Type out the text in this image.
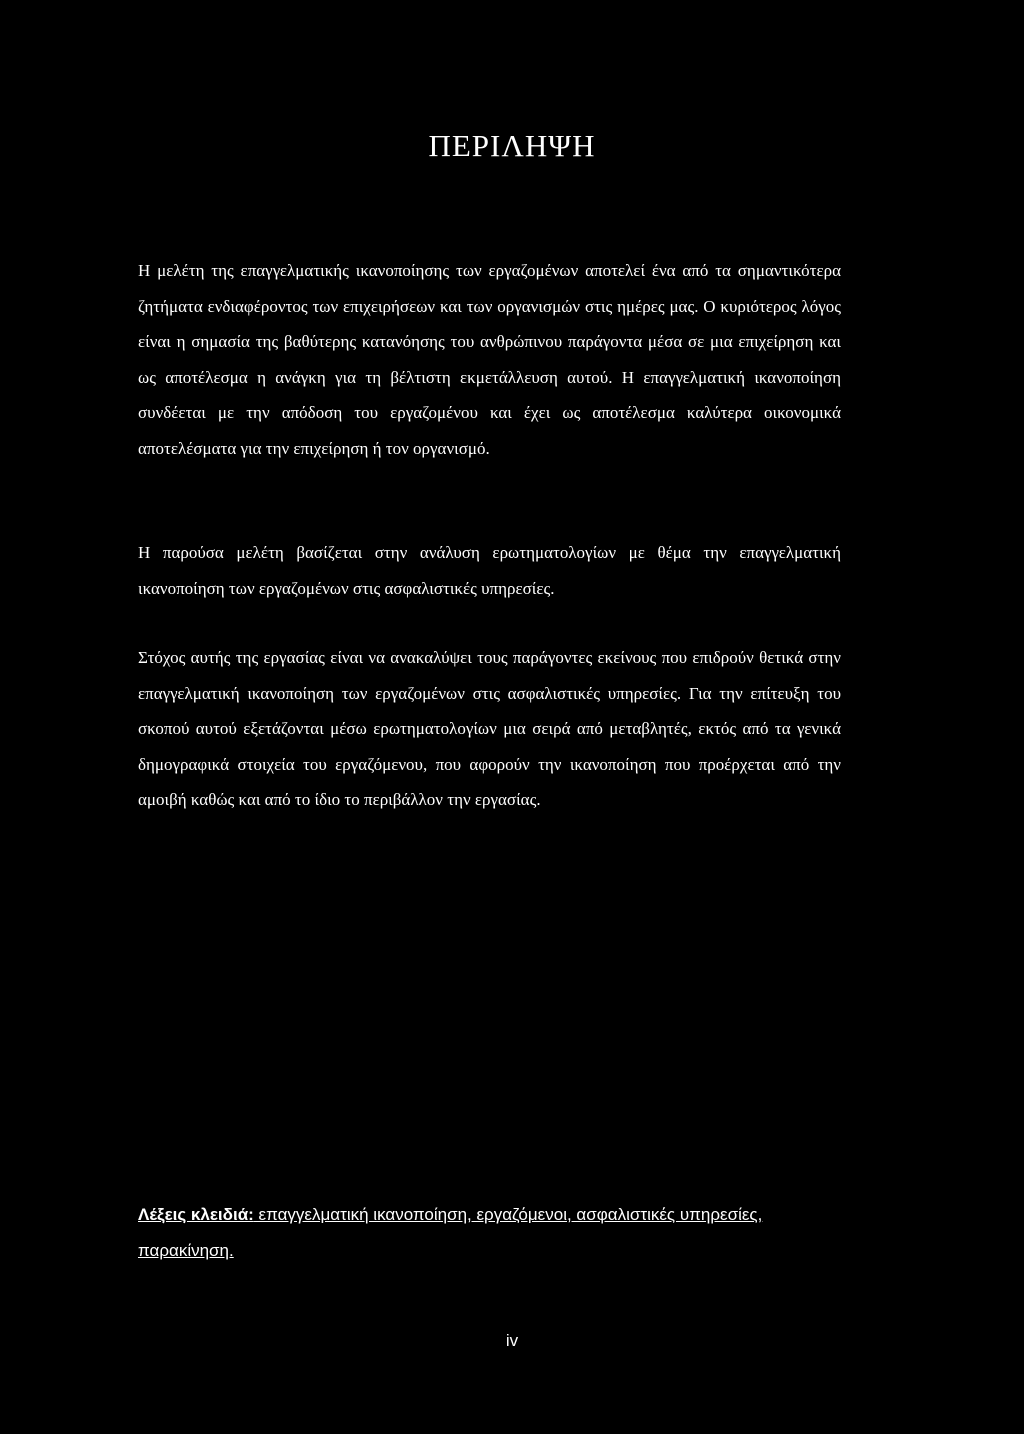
ΠΕΡΙΛΗΨΗ

Η μελέτη της επαγγελματικής ικανοποίησης των εργαζομένων αποτελεί ένα από τα σημαντικότερα ζητήματα ενδιαφέροντος των επιχειρήσεων και των οργανισμών στις ημέρες μας. Ο κυριότερος λόγος είναι η σημασία της βαθύτερης κατανόησης του ανθρώπινου παράγοντα μέσα σε μια επιχείρηση και ως αποτέλεσμα η ανάγκη για τη βέλτιστη εκμετάλλευση αυτού. Η επαγγελματική ικανοποίηση συνδέεται με την απόδοση του εργαζομένου και έχει ως αποτέλεσμα καλύτερα οικονομικά αποτελέσματα για την επιχείρηση ή τον οργανισμό.

Η παρούσα μελέτη βασίζεται στην ανάλυση ερωτηματολογίων με θέμα την επαγγελματική ικανοποίηση των εργαζομένων στις ασφαλιστικές υπηρεσίες.

Στόχος αυτής της εργασίας είναι να ανακαλύψει τους παράγοντες εκείνους που επιδρούν θετικά στην επαγγελματική ικανοποίηση των εργαζομένων στις ασφαλιστικές υπηρεσίες. Για την επίτευξη του σκοπού αυτού εξετάζονται μέσω ερωτηματολογίων μια σειρά από μεταβλητές, εκτός από τα γενικά δημογραφικά στοιχεία του εργαζόμενου, που αφορούν την ικανοποίηση που προέρχεται από την αμοιβή καθώς και από το ίδιο το περιβάλλον την εργασίας.

Λέξεις κλειδιά: επαγγελματική ικανοποίηση, εργαζόμενοι, ασφαλιστικές υπηρεσίες, παρακίνηση.

iv
